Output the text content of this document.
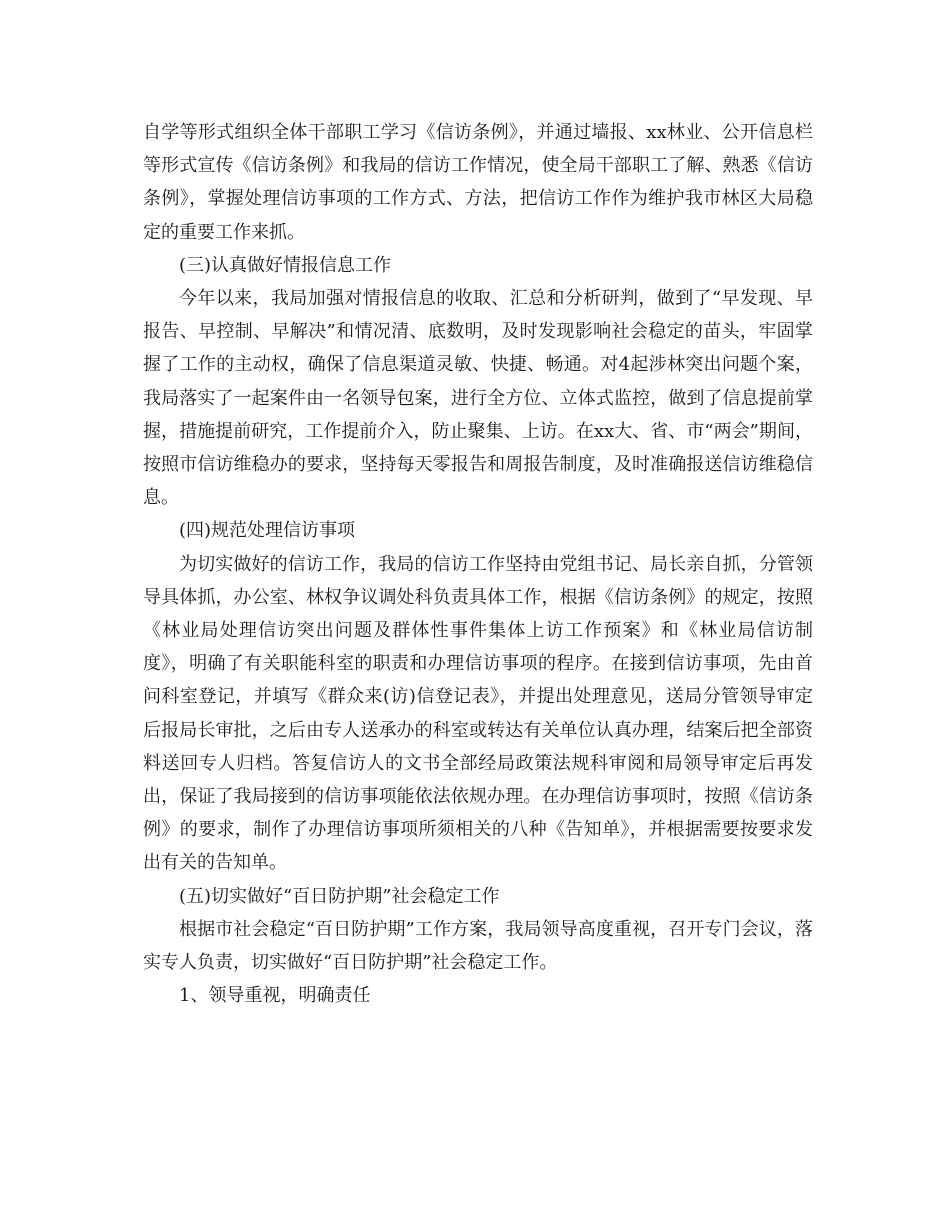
自学等形式组织全体干部职工学习《信访条例》，并通过墙报、xx林业、公开信息栏等形式宣传《信访条例》和我局的信访工作情况，使全局干部职工了解、熟悉《信访条例》，掌握处理信访事项的工作方式、方法，把信访工作作为维护我市林区大局稳定的重要工作来抓。

(三)认真做好情报信息工作

今年以来，我局加强对情报信息的收取、汇总和分析研判，做到了“早发现、早报告、早控制、早解决”和情况清、底数明，及时发现影响社会稳定的苗头，牢固掌握了工作的主动权，确保了信息渠道灵敏、快捷、畅通。对4起涉林突出问题个案，我局落实了一起案件由一名领导包案，进行全方位、立体式监控，做到了信息提前掌握，措施提前研究，工作提前介入，防止聚集、上访。在xx大、省、市“两会”期间，按照市信访维稳办的要求，坚持每天零报告和周报告制度，及时准确报送信访维稳信息。

(四)规范处理信访事项

为切实做好的信访工作，我局的信访工作坚持由党组书记、局长亲自抓，分管领导具体抓，办公室、林权争议调处科负责具体工作，根据《信访条例》的规定，按照《林业局处理信访突出问题及群体性事件集体上访工作预案》和《林业局信访制度》，明确了有关职能科室的职责和办理信访事项的程序。在接到信访事项，先由首问科室登记，并填写《群众来(访)信登记表》，并提出处理意见，送局分管领导审定后报局长审批，之后由专人送承办的科室或转达有关单位认真办理，结案后把全部资料送回专人归档。答复信访人的文书全部经局政策法规科审阅和局领导审定后再发出，保证了我局接到的信访事项能依法依规办理。在办理信访事项时，按照《信访条例》的要求，制作了办理信访事项所须相关的八种《告知单》，并根据需要按要求发出有关的告知单。

(五)切实做好“百日防护期”社会稳定工作

根据市社会稳定“百日防护期”工作方案，我局领导高度重视，召开专门会议，落实专人负责，切实做好“百日防护期”社会稳定工作。

1、领导重视，明确责任
